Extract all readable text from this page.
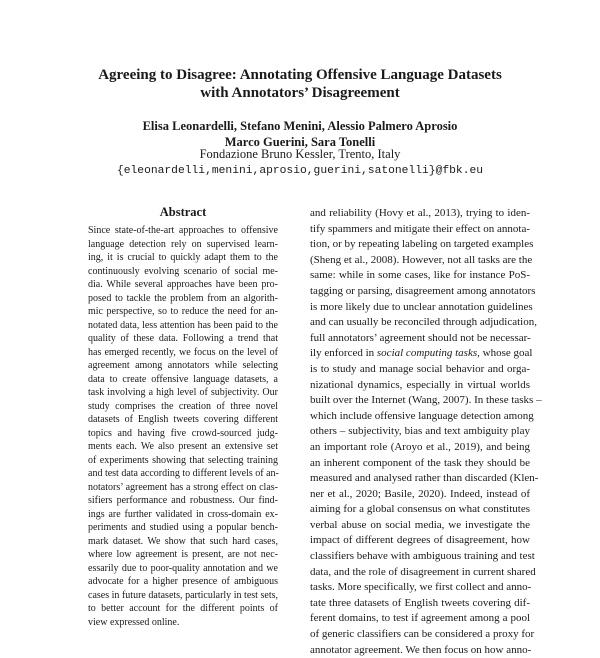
Agreeing to Disagree: Annotating Offensive Language Datasets
with Annotators’ Disagreement
Elisa Leonardelli, Stefano Menini, Alessio Palmero Aprosio
Marco Guerini, Sara Tonelli
Fondazione Bruno Kessler, Trento, Italy
{eleonardelli,menini,aprosio,guerini,satonelli}@fbk.eu
Abstract
Since state-of-the-art approaches to offensive
language detection rely on supervised learn-
ing, it is crucial to quickly adapt them to the
continuously evolving scenario of social me-
dia. While several approaches have been pro-
posed to tackle the problem from an algorith-
mic perspective, so to reduce the need for an-
notated data, less attention has been paid to the
quality of these data. Following a trend that
has emerged recently, we focus on the level of
agreement among annotators while selecting
data to create offensive language datasets, a
task involving a high level of subjectivity. Our
study comprises the creation of three novel
datasets of English tweets covering different
topics and having five crowd-sourced judg-
ments each. We also present an extensive set
of experiments showing that selecting training
and test data according to different levels of an-
notators’ agreement has a strong effect on clas-
sifiers performance and robustness. Our find-
ings are further validated in cross-domain ex-
periments and studied using a popular bench-
mark dataset. We show that such hard cases,
where low agreement is present, are not nec-
essarily due to poor-quality annotation and we
advocate for a higher presence of ambiguous
cases in future datasets, particularly in test sets,
to better account for the different points of
view expressed online.
and reliability (Hovy et al., 2013), trying to iden-
tify spammers and mitigate their effect on annota-
tion, or by repeating labeling on targeted examples
(Sheng et al., 2008). However, not all tasks are the
same: while in some cases, like for instance PoS-
tagging or parsing, disagreement among annotators
is more likely due to unclear annotation guidelines
and can usually be reconciled through adjudication,
full annotators’ agreement should not be necessar-
ily enforced in social computing tasks, whose goal
is to study and manage social behavior and orga-
nizational dynamics, especially in virtual worlds
built over the Internet (Wang, 2007). In these tasks –
which include offensive language detection among
others – subjectivity, bias and text ambiguity play
an important role (Aroyo et al., 2019), and being
an inherent component of the task they should be
measured and analysed rather than discarded (Klen-
ner et al., 2020; Basile, 2020). Indeed, instead of
aiming for a global consensus on what constitutes
verbal abuse on social media, we investigate the
impact of different degrees of disagreement, how
classifiers behave with ambiguous training and test
data, and the role of disagreement in current shared
tasks. More specifically, we first collect and anno-
tate three datasets of English tweets covering dif-
ferent domains, to test if agreement among a pool
of generic classifiers can be considered a proxy for
annotator agreement. We then focus on how anno-
